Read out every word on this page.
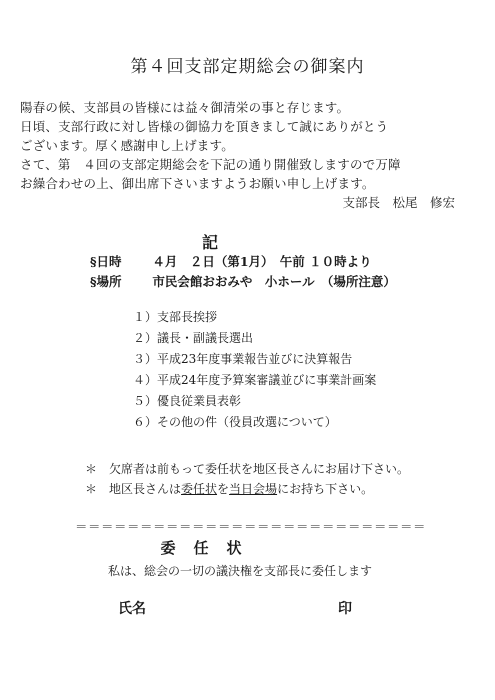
第４回支部定期総会の御案内
陽春の候、支部員の皆様には益々御清栄の事と存じます。
日頃、支部行政に対し皆様の御協力を頂きまして誠にありがとう
ございます。厚く感謝申し上げます。
さて、第　４回の支部定期総会を下記の通り開催致しますので万障
お繰合わせの上、御出席下さいますようお願い申し上げます。
支部長　松尾　修宏
記
§日時 ４月　２日（第1月）　午前 １０時より
§場所 市民会館おおみや　小ホール　（場所注意）
１）支部長挨拶
２）議長・副議長選出
３）平成23年度事業報告並びに決算報告
４）平成24年度予算案審議並びに事業計画案
５）優良従業員表彰
６）その他の件（役員改選について）
＊　欠席者は前もって委任状を地区長さんにお届け下さい。
＊　地区長さんは委任状を当日会場にお持ち下さい。
＝＝＝＝＝＝＝＝＝＝＝＝＝＝＝＝＝＝＝＝＝＝＝＝＝＝＝
委任状
私は、総会の一切の議決権を支部長に委任します
氏名	印
